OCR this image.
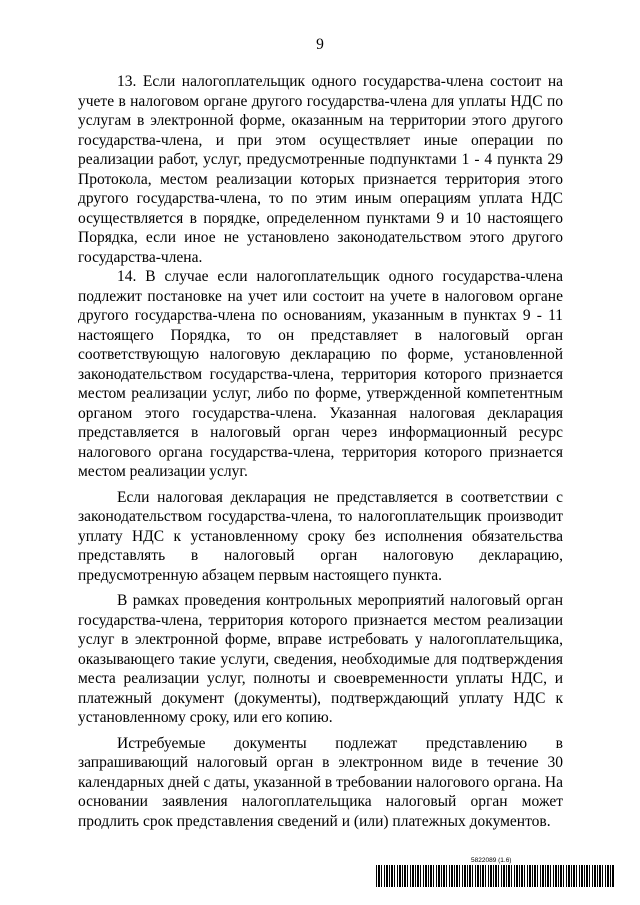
9

13. Если налогоплательщик одного государства-члена состоит на учете в налоговом органе другого государства-члена для уплаты НДС по услугам в электронной форме, оказанным на территории этого другого государства-члена, и при этом осуществляет иные операции по реализации работ, услуг, предусмотренные подпунктами 1 - 4 пункта 29 Протокола, местом реализации которых признается территория этого другого государства-члена, то по этим иным операциям уплата НДС осуществляется в порядке, определенном пунктами 9 и 10 настоящего Порядка, если иное не установлено законодательством этого другого государства-члена.

14. В случае если налогоплательщик одного государства-члена подлежит постановке на учет или состоит на учете в налоговом органе другого государства-члена по основаниям, указанным в пунктах 9 - 11 настоящего Порядка, то он представляет в налоговый орган соответствующую налоговую декларацию по форме, установленной законодательством государства-члена, территория которого признается местом реализации услуг, либо по форме, утвержденной компетентным органом этого государства-члена. Указанная налоговая декларация представляется в налоговый орган через информационный ресурс налогового органа государства-члена, территория которого признается местом реализации услуг.

Если налоговая декларация не представляется в соответствии с законодательством государства-члена, то налогоплательщик производит уплату НДС к установленному сроку без исполнения обязательства представлять в налоговый орган налоговую декларацию, предусмотренную абзацем первым настоящего пункта.

В рамках проведения контрольных мероприятий налоговый орган государства-члена, территория которого признается местом реализации услуг в электронной форме, вправе истребовать у налогоплательщика, оказывающего такие услуги, сведения, необходимые для подтверждения места реализации услуг, полноты и своевременности уплаты НДС, и платежный документ (документы), подтверждающий уплату НДС к установленному сроку, или его копию.

Истребуемые документы подлежат представлению в запрашивающий налоговый орган в электронном виде в течение 30 календарных дней с даты, указанной в требовании налогового органа. На основании заявления налогоплательщика налоговый орган может продлить срок представления сведений и (или) платежных документов.

5822089 (1.6)
